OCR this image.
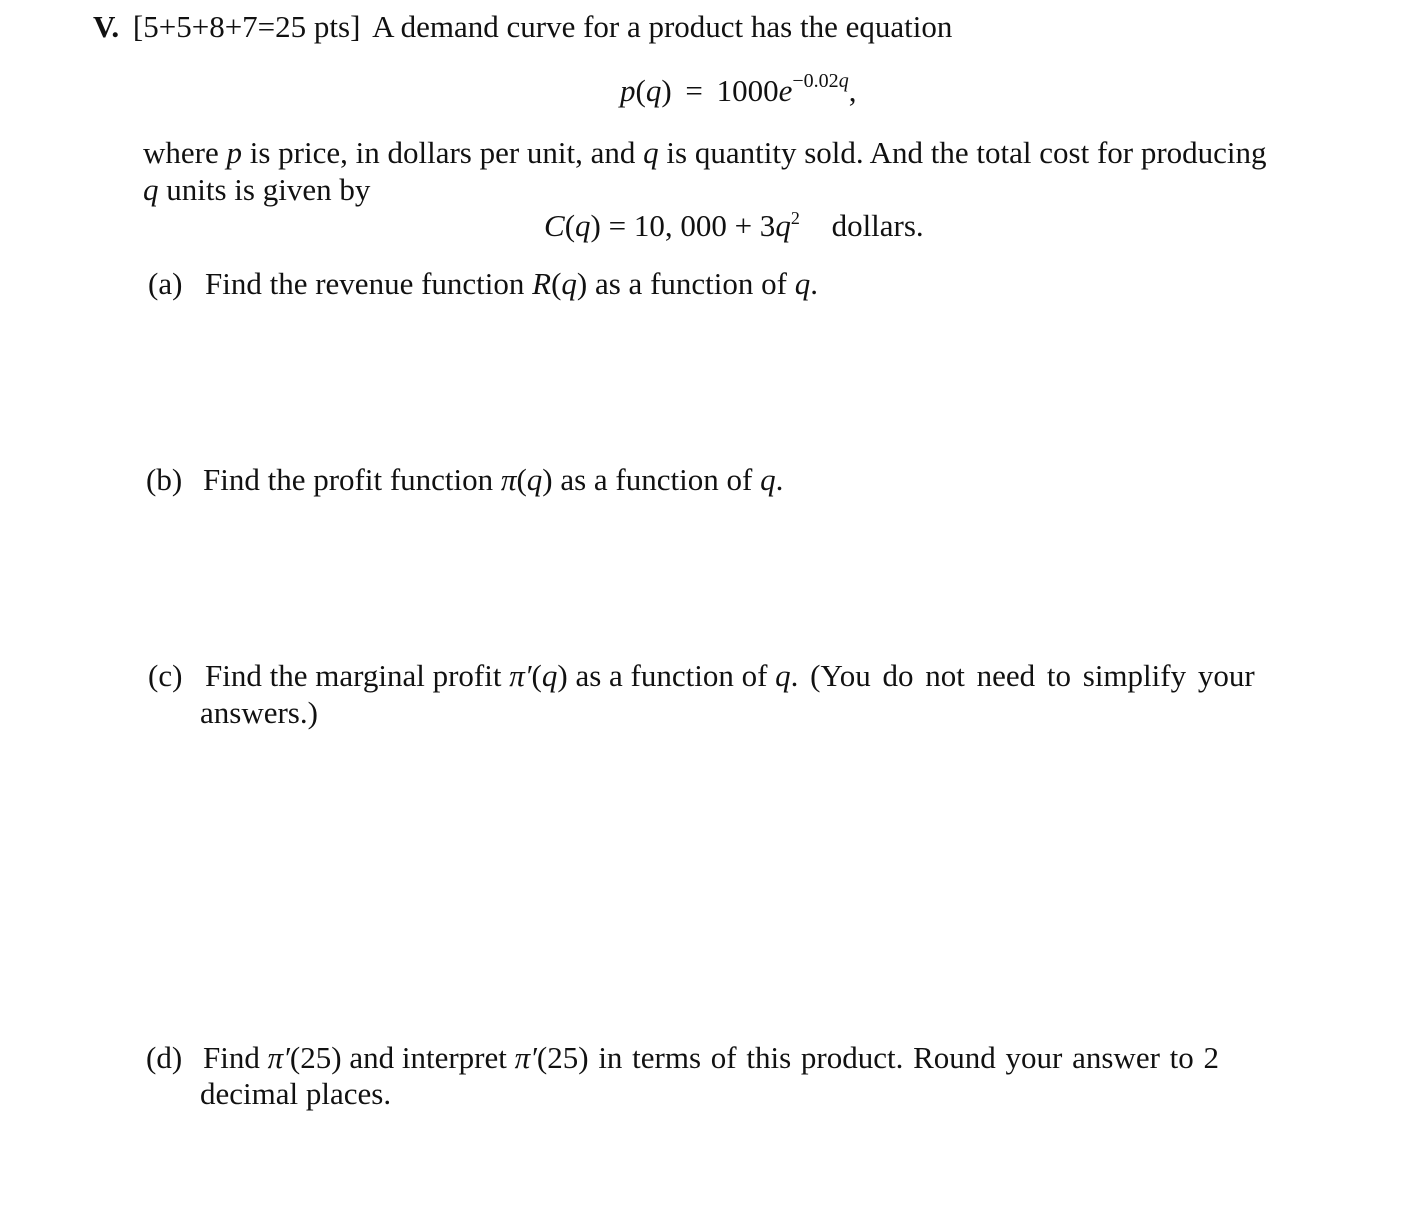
V. [5+5+8+7=25 pts] A demand curve for a product has the equation
$p(q) = 1000e^{-0.02q}$,
where p is price, in dollars per unit, and q is quantity sold. And the total cost for producing
q units is given by
C(q) = 10, $000 + 3q^2$ dollars.
(a) Find the revenue function R(q) as a function of q.
(b) Find the profit function π(q) as a function of q.
(c) Find the marginal profit π′(q) as a function of q. (You do not need to simplify your
answers.)
(d) Find π′(25) and interpret π′(25) in terms of this product. Round your answer to 2
decimal places.
